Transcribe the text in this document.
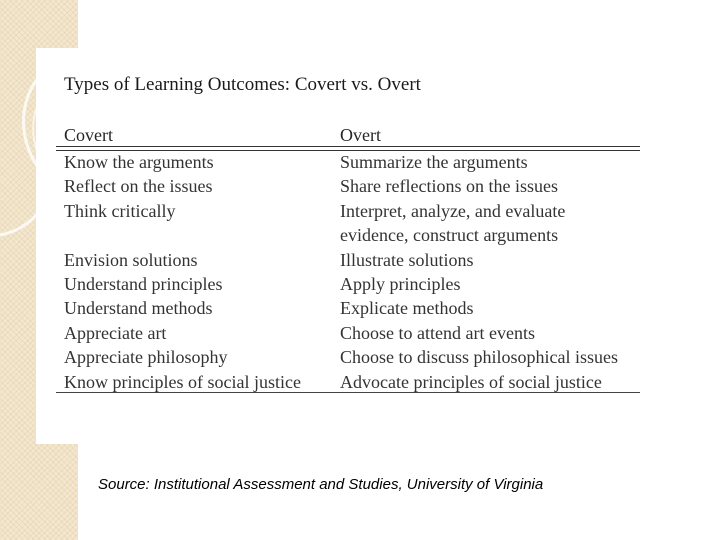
Types of Learning Outcomes: Covert vs. Overt
Covert	Overt
Know the arguments	Summarize the arguments
Reflect on the issues	Share reflections on the issues
Think critically	Interpret, analyze, and evaluate
evidence, construct arguments
Envision solutions	Illustrate solutions
Understand principles	Apply principles
Understand methods	Explicate methods
Appreciate art	Choose to attend art events
Appreciate philosophy	Choose to discuss philosophical issues
Know principles of social justice	Advocate principles of social justice
Source: Institutional Assessment and Studies, University of Virginia
